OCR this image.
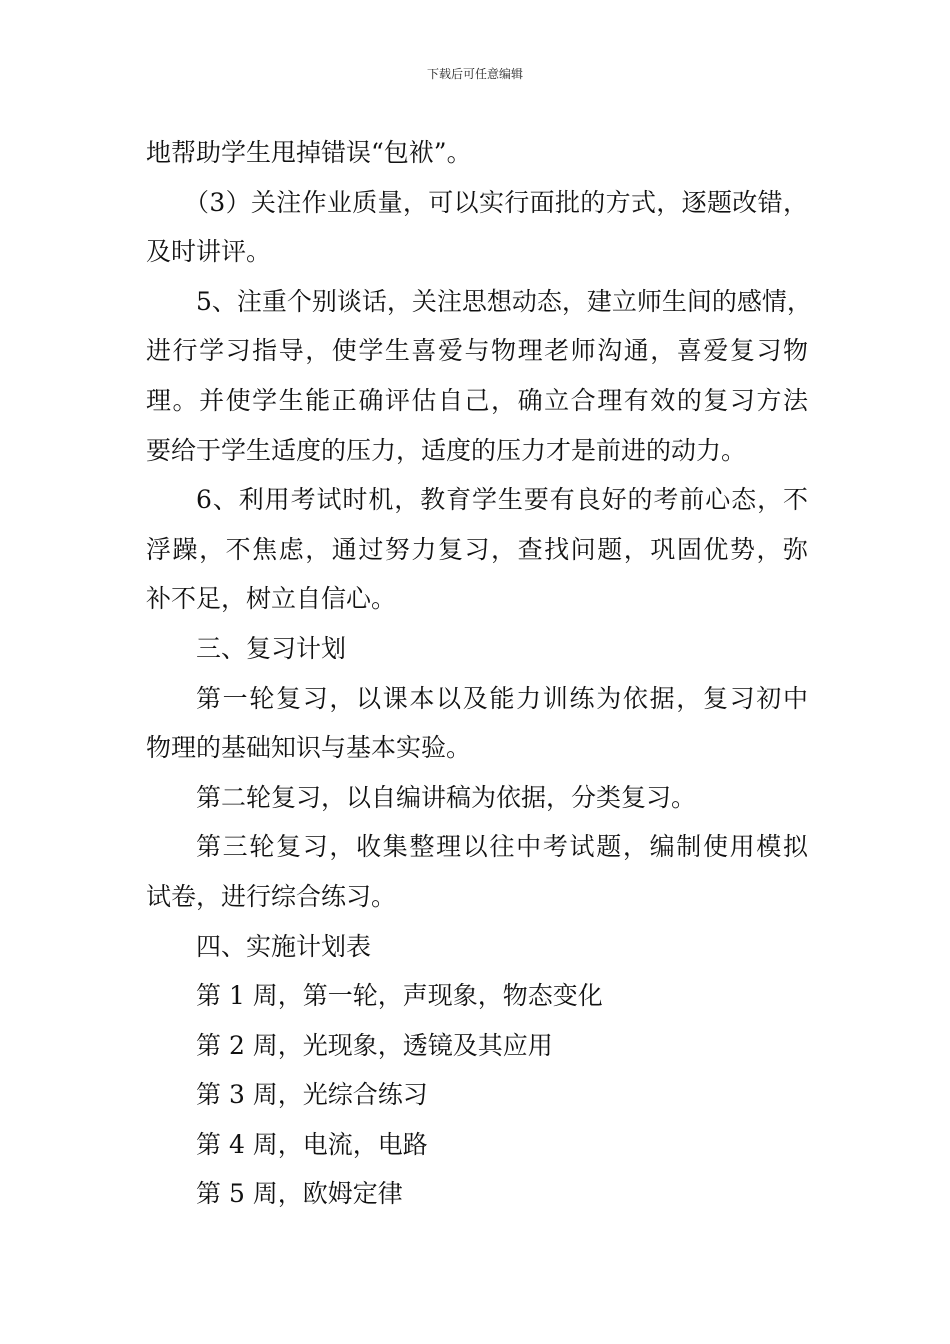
下载后可任意编辑
地帮助学生甩掉错误“包袱”。
（3）关注作业质量，可以实行面批的方式，逐题改错，
及时讲评。
5、注重个别谈话，关注思想动态，建立师生间的感情，
进行学习指导，使学生喜爱与物理老师沟通，喜爱复习物
理。并使学生能正确评估自己，确立合理有效的复习方法
要给于学生适度的压力，适度的压力才是前进的动力。
6、利用考试时机，教育学生要有良好的考前心态，不
浮躁，不焦虑，通过努力复习，查找问题，巩固优势，弥
补不足，树立自信心。
三、复习计划
第一轮复习，以课本以及能力训练为依据，复习初中
物理的基础知识与基本实验。
第二轮复习，以自编讲稿为依据，分类复习。
第三轮复习，收集整理以往中考试题，编制使用模拟
试卷，进行综合练习。
四、实施计划表
第 1 周，第一轮，声现象，物态变化
第 2 周，光现象，透镜及其应用
第 3 周，光综合练习
第 4 周，电流，电路
第 5 周，欧姆定律
